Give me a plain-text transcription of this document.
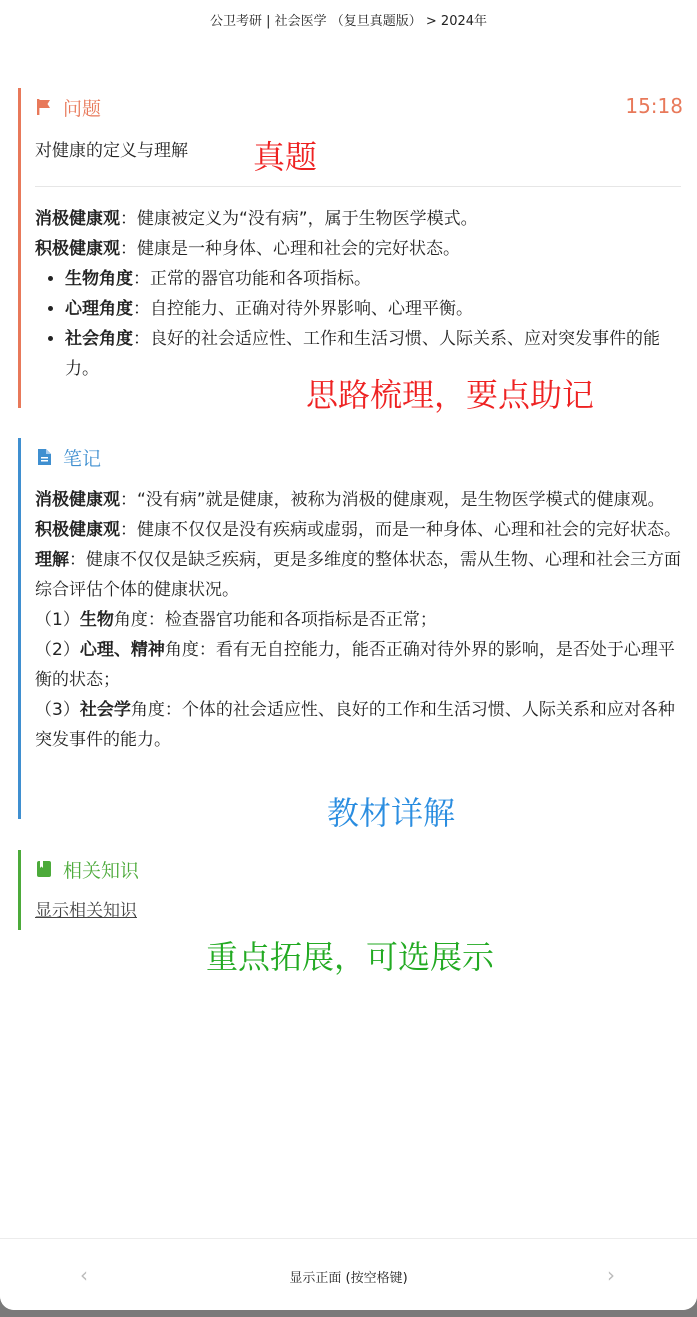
公卫考研 | 社会医学 （复旦真题版） > 2024年
问题	15:18
对健康的定义与理解 真题

消极健康观：健康被定义为“没有病”，属于生物医学模式。

积极健康观：健康是一种身体、心理和社会的完好状态。

• 生物角度：正常的器官功能和各项指标。
• 心理角度：自控能力、正确对待外界影响、心理平衡。
• 社会角度：良好的社会适应性、工作和生活习惯、人际关系、应对突发事件的能力。
思路梳理，要点助记
笔记

消极健康观：“没有病”就是健康，被称为消极的健康观，是生物医学模式的健康观。

积极健康观：健康不仅仅是没有疾病或虚弱，而是一种身体、心理和社会的完好状态。

理解：健康不仅仅是缺乏疾病，更是多维度的整体状态，需从生物、心理和社会三方面综合评估个体的健康状况。

（1）生物角度：检查器官功能和各项指标是否正常；

（2）心理、精神角度：看有无自控能力，能否正确对待外界的影响，是否处于心理平衡的状态；

（3）社会学角度：个体的社会适应性、良好的工作和生活习惯、人际关系和应对各种突发事件的能力。

教材详解
相关知识
显示相关知识
重点拓展，可选展示
‹	显示正面 (按空格键)	›
